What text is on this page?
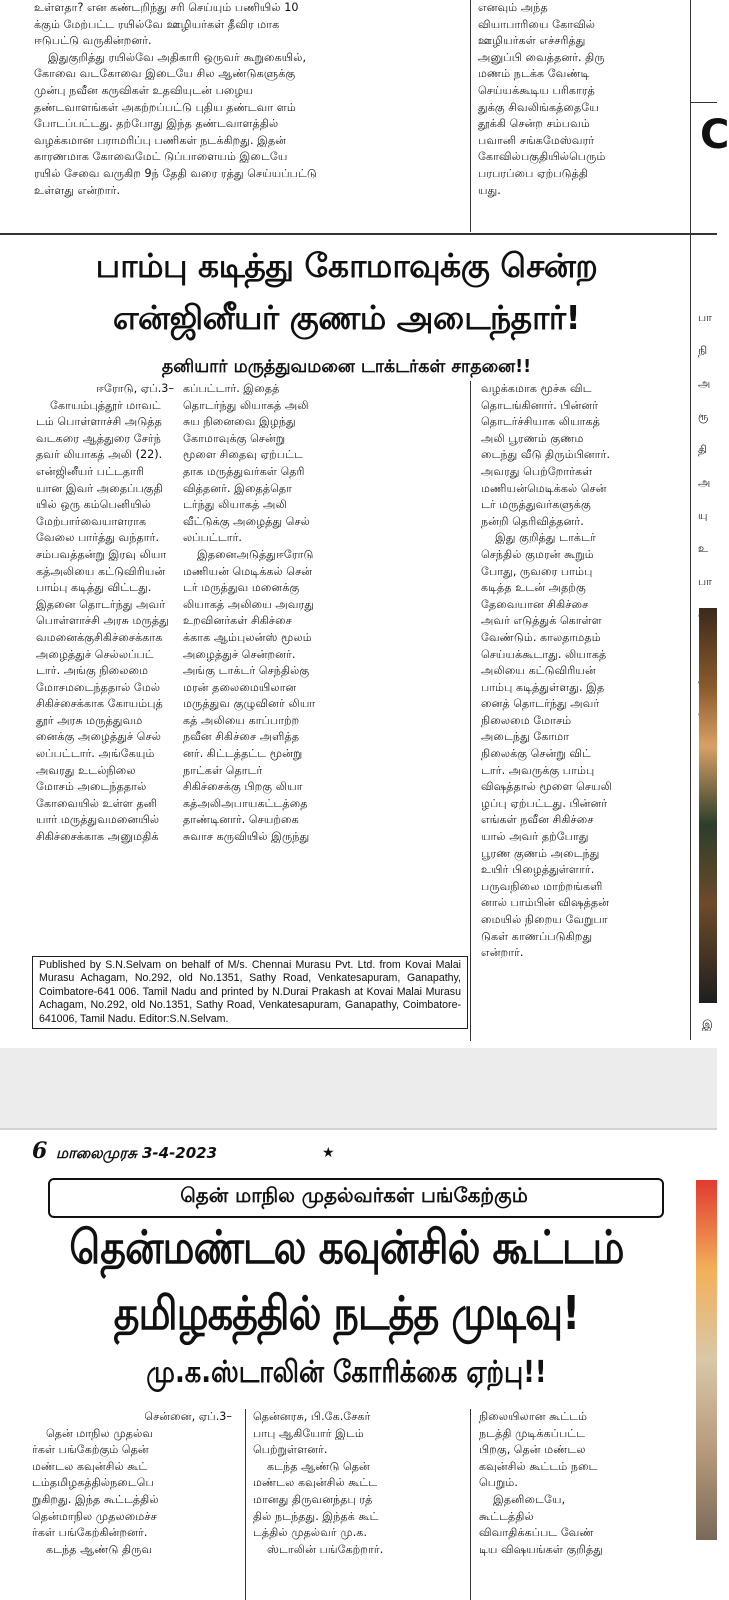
உள்ளதா? என கண்டறிந்து சரி செய்யும் பணியில் 10

க்கும் மேற்பட்ட ரயில்வே ஊழியர்கள் தீவிர மாக

ஈடுபட்டு வருகின்றனர்.

இதுகுறித்து ரயில்வே அதிகாரி ஒருவர் கூறுகையில்,

கோவை வடகோவை இடையே சில ஆண்டுகளுக்கு

முன்பு நவீன கருவிகள் உதவியுடன் பழைய

தண்டவாளங்கள் அகற்றப்பட்டு புதிய தண்டவா ளம்

போடப்பட்டது. தற்போது இந்த தண்டவாளத்தில்

வழக்கமான பராமரிப்பு பணிகள் நடக்கிறது. இதன்

காரணமாக கோவைமேட் டுப்பாளையம் இடையே

ரயில் சேவை வருகிற 9ந் தேதி வரை ரத்து செய்யப்பட்டு

உள்ளது என்றார்.

எனவும் அந்த

வியாபாரியை கோவில்

ஊழியர்கள் எச்சரித்து

அனுப்பி வைத்தனர். திரு

மணம் நடக்க வேண்டி

செய்யக்கூடிய பரிகாரத்

துக்கு சிவலிங்கத்தையே

தூக்கி சென்ற சம்பவம்

பவானி சங்கமேஸ்வரர்

கோவில்பகுதியில்பெரும்

பரபரப்பை ஏற்படுத்தி

யது.

C
பாம்பு கடித்து கோமாவுக்கு சென்ற
என்ஜினீயர் குணம் அடைந்தார்!
தனியார் மருத்துவமனை டாக்டர்கள் சாதனை!!

ஈரோடு, ஏப்.3–

கோயம்புத்தூர் மாவட்

டம் பொள்ளாச்சி அடுத்த

வடகரை ஆத்துரை சேர்ந்

தவர் லியாகத் அலி (22).

என்ஜினீயர் பட்டதாரி

யான இவர் அதைப்பகுதி

யில் ஒரு கம்பெனியில்

மேற்பார்வையாளராக

வேலை பார்த்து வந்தார்.

சம்பவத்தன்று இரவு லியா

கத்அலியை கட்டுவிரியன்

பாம்பு கடித்து விட்டது.

இதனை தொடர்ந்து அவர்

பொள்ளாச்சி அரசு மருத்து

வமனைக்குசிகிச்சைக்காக

அழைத்துச் செல்லப்பட்

டார். அங்கு நிலைமை

மோசமடைந்ததால் மேல்

சிகிச்சைக்காக கோயம்புத்

தூர் அரசு மருத்துவம

னைக்கு அழைத்துச் செல்

லப்பட்டார். அங்கேயும்

அவரது உடல்நிலை

மோசம் அடைந்ததால்

கோவையில் உள்ள தனி

யார் மருத்துவமனையில்

சிகிச்சைக்காக அனுமதிக்

கப்பட்டார். இதைத்

தொடர்ந்து லியாகத் அலி

சுய நினைவை இழந்து

கோமாவுக்கு சென்று

மூளை சிதைவு ஏற்பட்ட

தாக மருத்துவர்கள் தெரி

வித்தனர். இதைத்தொ

டர்ந்து லியாகத் அலி

வீட்டுக்கு அழைத்து செல்

லப்பட்டார்.

இதனைஅடுத்துஈரோடு

மணியன் மெடிக்கல் சென்

டர் மருத்துவ மனைக்கு

லியாகத் அலியை அவரது

உறவினர்கள் சிகிச்சை

க்காக ஆம்புலன்ஸ் மூலம்

அழைத்துச் சென்றனர்.

அங்கு டாக்டர் செந்தில்கு

மரன் தலைமையிலான

மருத்துவ குழுவினர் லியா

கத் அலியை காப்பாற்ற

நவீன சிகிச்சை அளித்த

னர். கிட்டத்தட்ட மூன்று

நாட்கள் தொடர்

சிகிச்சைக்கு பிறகு லியா

கத்அலிஅபாயகட்டத்தை

தாண்டினார். செயற்கை

சுவாச கருவியில் இருந்து

வழக்கமாக மூச்சு விட

தொடங்கினார். பின்னர்

தொடர்ச்சியாக லியாகத்

அலி பூரணம் குணம

டைந்து வீடு திரும்பினார்.

அவரது பெற்றோர்கள்

மணியன்மெடிக்கல் சென்

டர் மருத்துவர்களுக்கு

நன்றி தெரிவித்தனர்.

இது குறித்து டாக்டர்

செந்தில் குமரன் கூறும்

போது, ருவரை பாம்பு

கடித்த உடன் அதற்கு

தேவையான சிகிச்சை

அவர் எடுத்துக் கொள்ள

வேண்டும். காலதாமதம்

செய்யக்கூடாது. லியாகத்

அலியை கட்டுவிரியன்

பாம்பு கடித்துள்ளது. இத

னைத் தொடர்ந்து அவர்

நிலைமை மோசம்

அடைந்து கோமா

நிலைக்கு சென்று விட்

டார். அவருக்கு பாம்பு

விஷத்தால் மூளை செயலி

ழப்பு ஏற்பட்டது. பின்னர்

எங்கள் நவீன சிகிச்சை

யால் அவர் தற்போது

பூரண குணம் அடைந்து

உயிர் பிழைத்துள்ளார்.

பருவநிலை மாற்றங்களி

னால் பாம்பின் விஷத்தன்

மையில் நிறைய வேறுபா

டுகள் காணப்படுகிறது

என்றார்.

Published by S.N.Selvam on behalf of M/s. Chennai Murasu Pvt. Ltd. from Kovai Malai Murasu Achagam, No.292, old No.1351, Sathy Road, Venkatesapuram, Ganapathy, Coimbatore-641 006. Tamil Nadu and printed by N.Durai Prakash at Kovai Malai Murasu Achagam, No.292, old No.1351, Sathy Road, Venkatesapuram, Ganapathy, Coimbatore-641006, Tamil Nadu. Editor:S.N.Selvam.

பா

நி

அ

ரூ

தி

அ

யு

உ

பா

இ

6 மாலைமுரசு 3-4-2023	★
தென் மாநில முதல்வர்கள் பங்கேற்கும்
தென்மண்டல கவுன்சில் கூட்டம்
தமிழகத்தில் நடத்த முடிவு!
மு.க.ஸ்டாலின் கோரிக்கை ஏற்பு!!

சென்னை, ஏப்.3–

தென் மாநில முதல்வ

ர்கள் பங்கேற்கும் தென்

மண்டல கவுன்சில் கூட்

டம்தமிழகத்தில்நடைபெ

றுகிறது. இந்த கூட்டத்தில்

தென்மாநில முதலமைச்ச

ர்கள் பங்கேற்கின்றனர்.

கடந்த ஆண்டு திருவ

தென்னரசு, பி.கே.சேகர்

பாபு ஆகியோர் இடம்

பெற்றுள்ளனர்.

கடந்த ஆண்டு தென்

மண்டல கவுன்சில் கூட்ட

மானது திருவனந்தபு ரத்

தில் நடந்தது. இந்தக் கூட்

டத்தில் முதல்வர் மு.க.

ஸ்டாலின் பங்கேற்றார்.

நிலையிலான கூட்டம்

நடத்தி முடிக்கப்பட்ட

பிறகு, தென் மண்டல

கவுன்சில் கூட்டம் நடை

பெறும்.

இதனிடையே,

கூட்டத்தில்

விவாதிக்கப்பட வேண்

டிய விஷயங்கள் குறித்து
